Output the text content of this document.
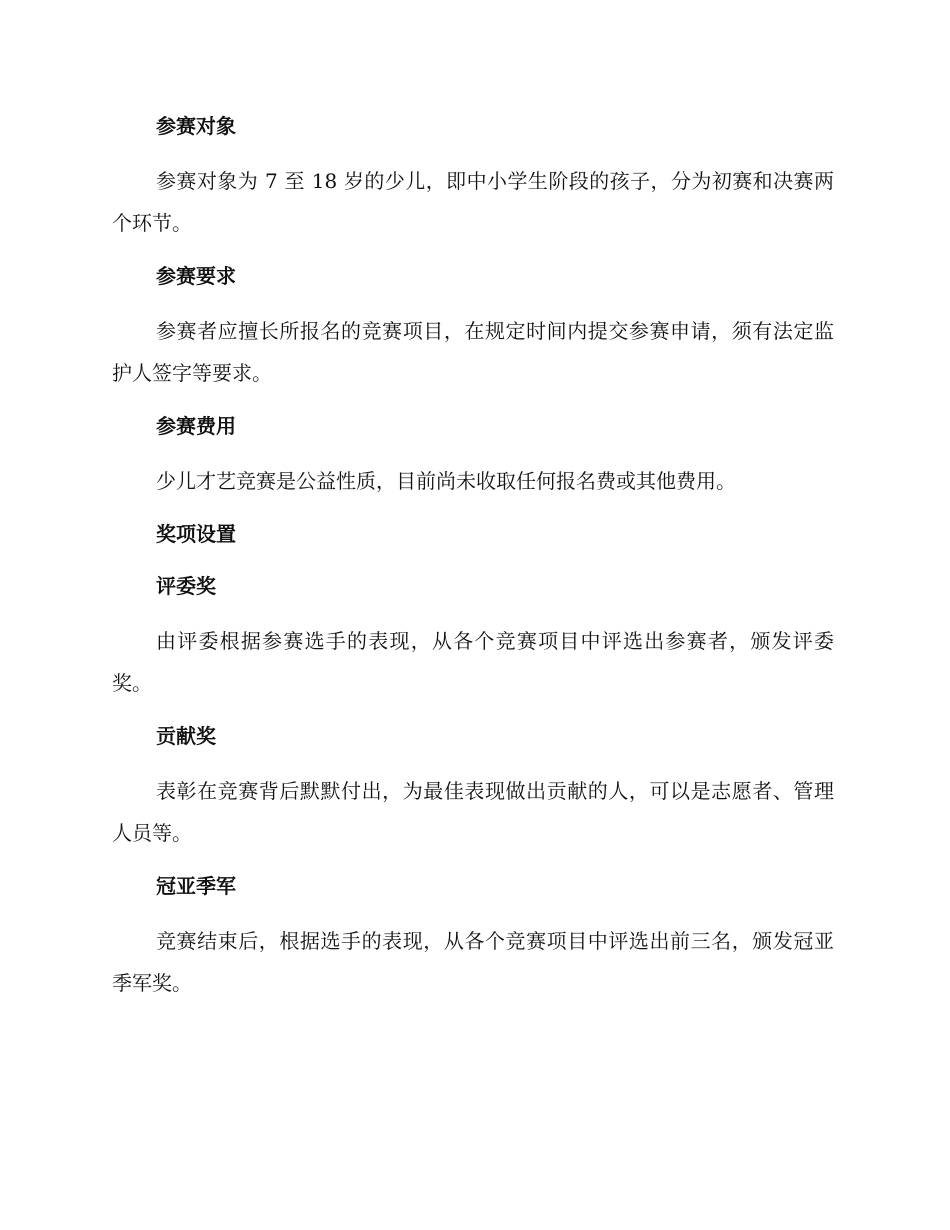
参赛对象

参赛对象为 7 至 18 岁的少儿，即中小学生阶段的孩子，分为初赛和决赛两个环节。

参赛要求

参赛者应擅长所报名的竞赛项目，在规定时间内提交参赛申请，须有法定监护人签字等要求。

参赛费用

少儿才艺竞赛是公益性质，目前尚未收取任何报名费或其他费用。

奖项设置
评委奖

由评委根据参赛选手的表现，从各个竞赛项目中评选出参赛者，颁发评委奖。

贡献奖

表彰在竞赛背后默默付出，为最佳表现做出贡献的人，可以是志愿者、管理人员等。

冠亚季军

竞赛结束后，根据选手的表现，从各个竞赛项目中评选出前三名，颁发冠亚季军奖。
